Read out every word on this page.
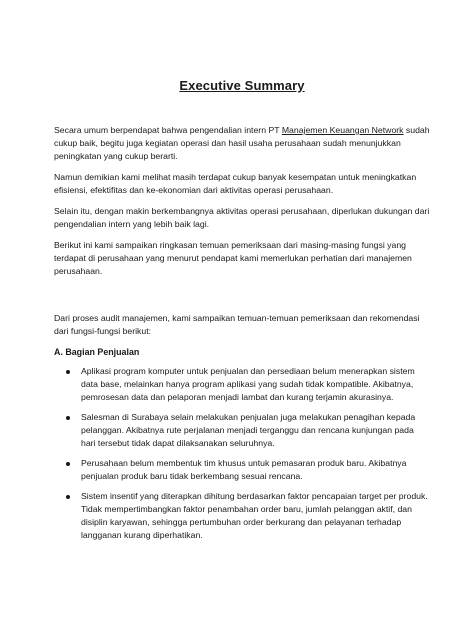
Executive Summary

Secara umum berpendapat bahwa pengendalian intern PT Manajemen Keuangan Network sudah cukup baik, begitu juga kegiatan operasi dan hasil usaha perusahaan sudah menunjukkan peningkatan yang cukup berarti.

Namun demikian kami melihat masih terdapat cukup banyak kesempatan untuk meningkatkan efisiensi, efektifitas dan ke-ekonomian dari aktivitas operasi perusahaan.

Selain itu, dengan makin berkembangnya aktivitas operasi perusahaan, diperlukan dukungan dari pengendalian intern yang lebih baik lagi.

Berikut ini kami sampaikan ringkasan temuan pemeriksaan dari masing-masing fungsi yang terdapat di perusahaan yang menurut pendapat kami memerlukan perhatian dari manajemen perusahaan.

Dari proses audit manajemen, kami sampaikan temuan-temuan pemeriksaan dan rekomendasi dari fungsi-fungsi berikut:

A. Bagian Penjualan
Aplikasi program komputer untuk penjualan dan persediaan belum menerapkan sistem data base, melainkan hanya program aplikasi yang sudah tidak kompatible. Akibatnya, pemrosesan data dan pelaporan menjadi lambat dan kurang terjamin akurasinya.
Salesman di Surabaya selain melakukan penjualan juga melakukan penagihan kepada pelanggan. Akibatnya rute perjalanan menjadi terganggu dan rencana kunjungan pada hari tersebut tidak dapat dilaksanakan seluruhnya.
Perusahaan belum membentuk tim khusus untuk pemasaran produk baru. Akibatnya penjualan produk baru tidak berkembang sesuai rencana.
Sistem insentif yang diterapkan dihitung berdasarkan faktor pencapaian target per produk. Tidak mempertimbangkan faktor penambahan order baru, jumlah pelanggan aktif, dan disiplin karyawan, sehingga pertumbuhan order berkurang dan pelayanan terhadap langganan kurang diperhatikan.
